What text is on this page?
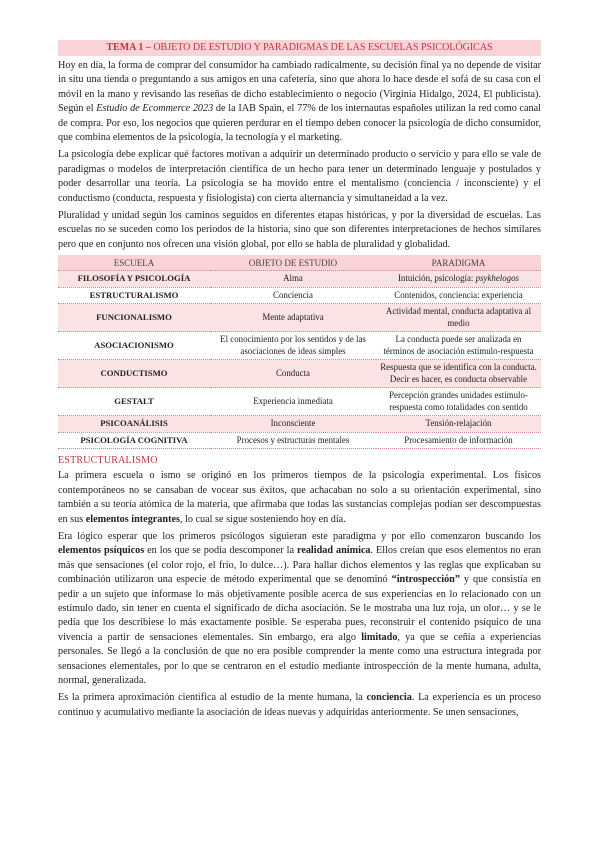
TEMA 1 – OBJETO DE ESTUDIO Y PARADIGMAS DE LAS ESCUELAS PSICOLÓGICAS

Hoy en día, la forma de comprar del consumidor ha cambiado radicalmente, su decisión final ya no depende de visitar in situ una tienda o preguntando a sus amigos en una cafetería, sino que ahora lo hace desde el sofá de su casa con el móvil en la mano y revisando las reseñas de dicho establecimiento o negocio (Virginia Hidalgo, 2024, El publicista). Según el Estudio de Ecommerce 2023 de la IAB Spain, el 77% de los internautas españoles utilizan la red como canal de compra. Por eso, los negocios que quieren perdurar en el tiempo deben conocer la psicología de dicho consumidor, que combina elementos de la psicología, la tecnología y el marketing.

La psicología debe explicar qué factores motivan a adquirir un determinado producto o servicio y para ello se vale de paradigmas o modelos de interpretación científica de un hecho para tener un determinado lenguaje y postulados y poder desarrollar una teoría. La psicología se ha movido entre el mentalismo (conciencia / inconsciente) y el conductismo (conducta, respuesta y fisiologista) con cierta alternancia y simultaneidad a la vez.

Pluralidad y unidad según los caminos seguidos en diferentes etapas históricas, y por la diversidad de escuelas. Las escuelas no se suceden como los periodos de la historia, sino que son diferentes interpretaciones de hechos similares pero que en conjunto nos ofrecen una visión global, por ello se habla de pluralidad y globalidad.

ESCUELA	OBJETO DE ESTUDIO	PARADIGMA
FILOSOFÍA Y PSICOLOGÍA	Alma	Intuición, psicología: psykhelogos
ESTRUCTURALISMO	Conciencia	Contenidos, conciencia: experiencia
FUNCIONALISMO	Mente adaptativa	Actividad mental, conducta adaptativa al medio
ASOCIACIONISMO	El conocimiento por los sentidos y de las asociaciones de ideas simples	La conducta puede ser analizada en términos de asociación estímulo-respuesta
CONDUCTISMO	Conducta	Respuesta que se identifica con la conducta. Decir es hacer, es conducta observable
GESTALT	Experiencia inmediata	Percepción grandes unidades estímulo-respuesta como totalidades con sentido
PSICOANÁLISIS	Inconsciente	Tensión-relajación
PSICOLOGÍA COGNITIVA	Procesos y estructuras mentales	Procesamiento de información
ESTRUCTURALISMO

La primera escuela o ismo se originó en los primeros tiempos de la psicología experimental. Los físicos contemporáneos no se cansaban de vocear sus éxitos, que achacaban no solo a su orientación experimental, sino también a su teoría atómica de la materia, que afirmaba que todas las sustancias complejas podían ser descompuestas en sus elementos integrantes, lo cual se sigue sosteniendo hoy en día.

Era lógico esperar que los primeros psicólogos siguieran este paradigma y por ello comenzaron buscando los elementos psíquicos en los que se podía descomponer la realidad anímica. Ellos creían que esos elementos no eran más que sensaciones (el color rojo, el frío, lo dulce…). Para hallar dichos elementos y las reglas que explicaban su combinación utilizaron una especie de método experimental que se denominó “introspección” y que consistía en pedir a un sujeto que informase lo más objetivamente posible acerca de sus experiencias en lo relacionado con un estímulo dado, sin tener en cuenta el significado de dicha asociación. Se le mostraba una luz roja, un olor… y se le pedía que los describiese lo más exactamente posible. Se esperaba pues, reconstruir el contenido psíquico de una vivencia a partir de sensaciones elementales. Sin embargo, era algo limitado, ya que se ceñía a experiencias personales. Se llegó a la conclusión de que no era posible comprender la mente como una estructura integrada por sensaciones elementales, por lo que se centraron en el estudio mediante introspección de la mente humana, adulta, normal, generalizada.

Es la primera aproximación científica al estudio de la mente humana, la conciencia. La experiencia es un proceso continuo y acumulativo mediante la asociación de ideas nuevas y adquiridas anteriormente. Se unen sensaciones,
